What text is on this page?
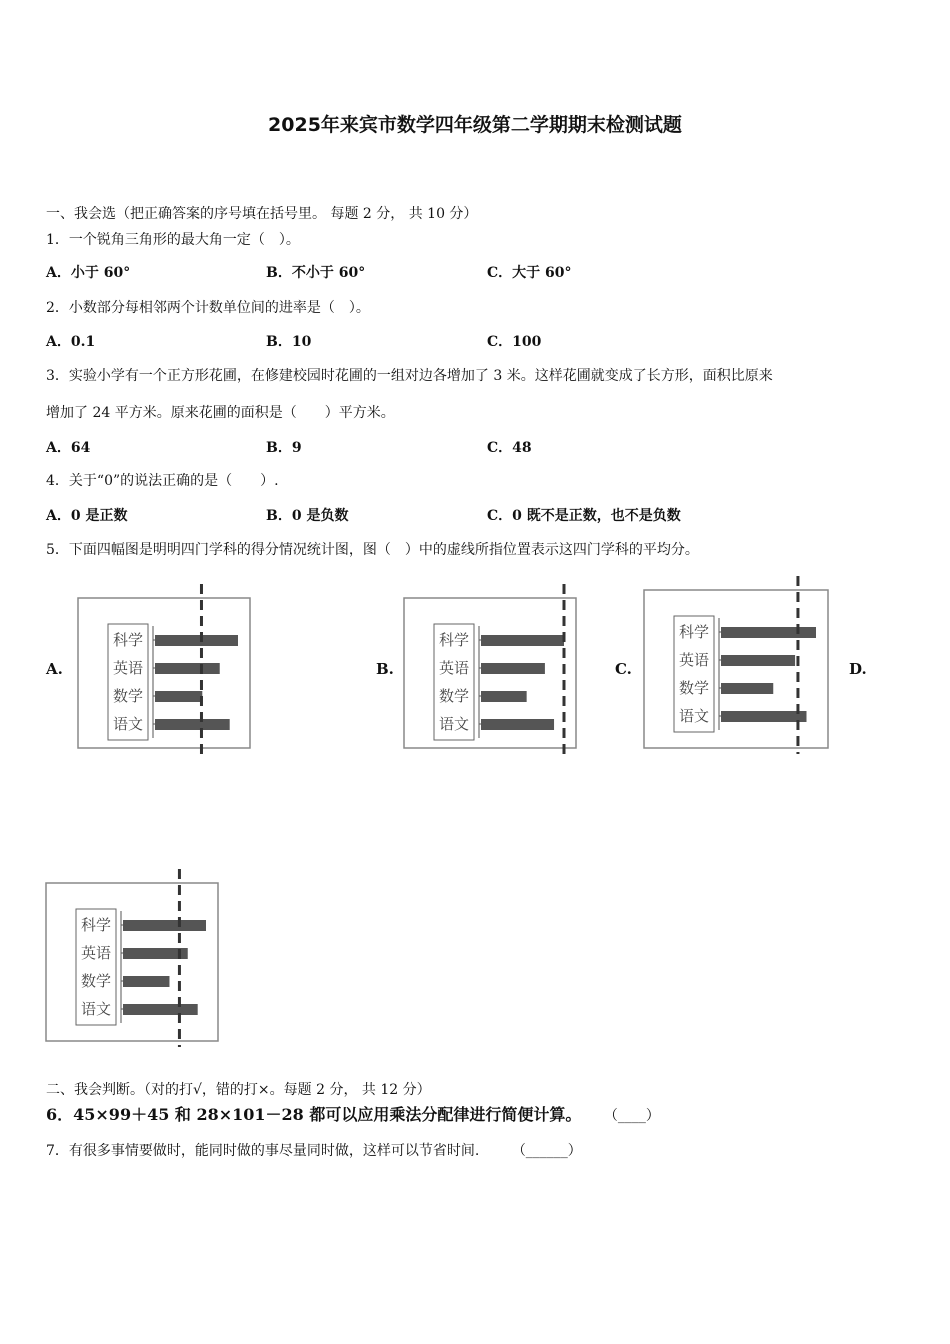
2025年来宾市数学四年级第二学期期末检测试题
一、我会选（把正确答案的序号填在括号里。 每题 2 分， 共 10 分）
1．一个锐角三角形的最大角一定（　）。
A．小于 60°	B．不小于 60°	C．大于 60°
2．小数部分每相邻两个计数单位间的进率是（　）。
A．0.1	B．10	C．100
3．实验小学有一个正方形花圃，在修建校园时花圃的一组对边各增加了 3 米。这样花圃就变成了长方形，面积比原来
增加了 24 平方米。原来花圃的面积是（　　）平方米。
A．64	B．9	C．48
4．关于“0”的说法正确的是（　　）.
A．0 是正数	B．0 是负数	C．0 既不是正数，也不是负数
5．下面四幅图是明明四门学科的得分情况统计图，图（　）中的虚线所指位置表示这四门学科的平均分。
A.	B.	C.	D.
科学
英语
数学
语文
科学
英语
数学
语文
科学
英语
数学
语文
科学
英语
数学
语文
二、我会判断。（对的打√，错的打×。每题 2 分， 共 12 分）
6．45×99＋45 和 28×101－28 都可以应用乘法分配律进行简便计算。 （____）
7．有很多事情要做时，能同时做的事尽量同时做，这样可以节省时间. （______）
